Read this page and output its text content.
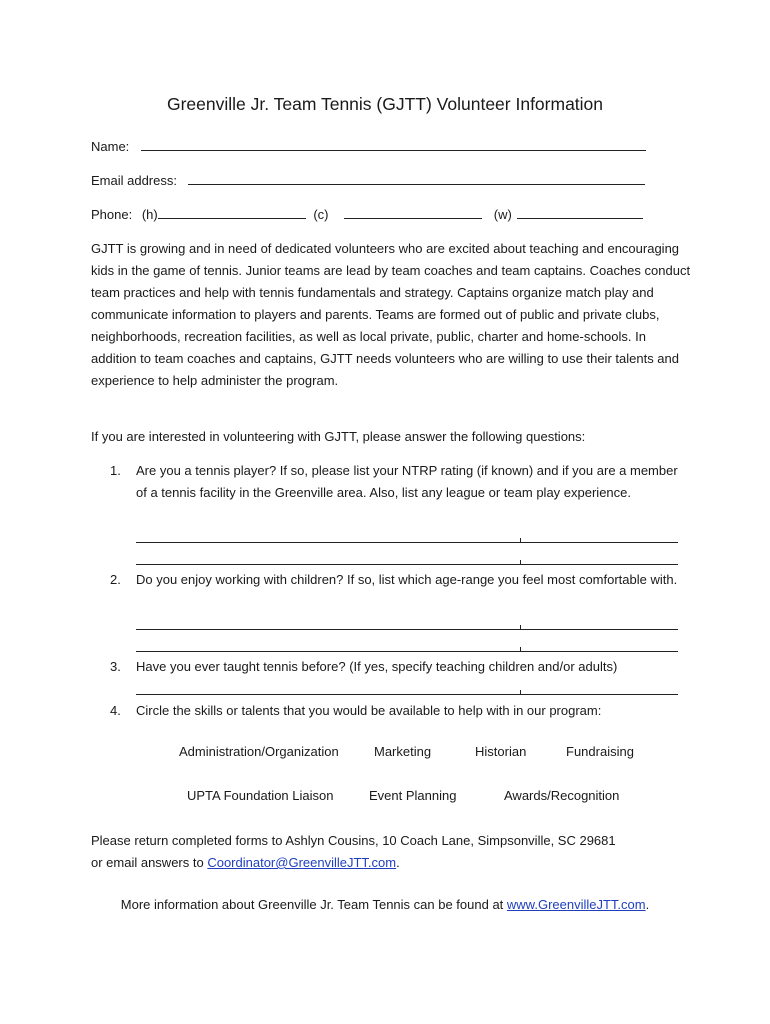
Greenville Jr. Team Tennis (GJTT) Volunteer Information
Name:
Email address:
Phone: (h)	(c)	(w)
GJTT is growing and in need of dedicated volunteers who are excited about teaching and encouraging kids in the game of tennis. Junior teams are lead by team coaches and team captains. Coaches conduct team practices and help with tennis fundamentals and strategy. Captains organize match play and communicate information to players and parents. Teams are formed out of public and private clubs, neighborhoods, recreation facilities, as well as local private, public, charter and home-schools. In addition to team coaches and captains, GJTT needs volunteers who are willing to use their talents and experience to help administer the program.
If you are interested in volunteering with GJTT, please answer the following questions:
1. Are you a tennis player? If so, please list your NTRP rating (if known) and if you are a member of a tennis facility in the Greenville area. Also, list any league or team play experience.
2. Do you enjoy working with children? If so, list which age-range you feel most comfortable with.
3. Have you ever taught tennis before? (If yes, specify teaching children and/or adults)
4. Circle the skills or talents that you would be available to help with in our program:
Administration/Organization	Marketing	Historian	Fundraising
UPTA Foundation Liaison	Event Planning	Awards/Recognition
Please return completed forms to Ashlyn Cousins, 10 Coach Lane, Simpsonville, SC 29681
or email answers to Coordinator@GreenvilleJTT.com.
More information about Greenville Jr. Team Tennis can be found at www.GreenvilleJTT.com.
